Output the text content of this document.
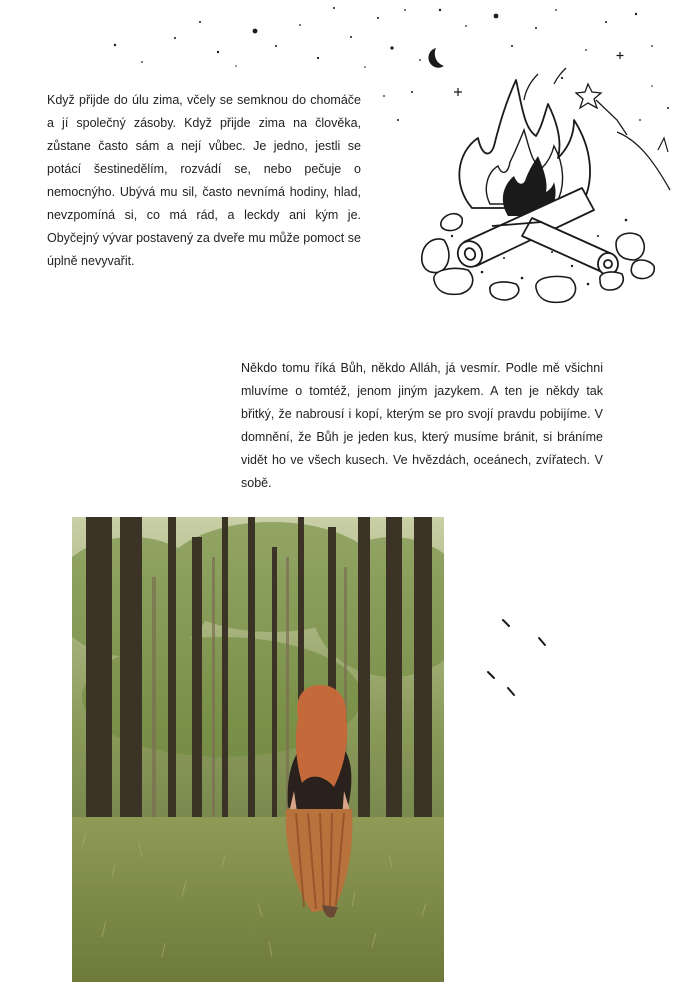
Když přijde do úlu zima, včely se semknou do chomáče a jí společný zásoby. Když přijde zima na člověka, zůstane často sám a nejí vůbec. Je jedno, jestli se potácí šestinedělím, rozvádí se, nebo pečuje o nemocnýho. Ubývá mu sil, často nevnímá hodiny, hlad, nevzpomíná si, co má rád, a leckdy ani kým je. Obyčejný vývar postavený za dveře mu může pomoct se úplně nevyvařit.

Někdo tomu říká Bůh, někdo Alláh, já vesmír. Podle mě všichni mluvíme o tomtéž, jenom jiným jazykem. A ten je někdy tak břitký, že nabrousí i kopí, kterým se pro svojí pravdu pobijíme. V domnění, že Bůh je jeden kus, který musíme bránit, si bráníme vidět ho ve všech kusech. Ve hvězdách, oceánech, zvířatech. V sobě.
